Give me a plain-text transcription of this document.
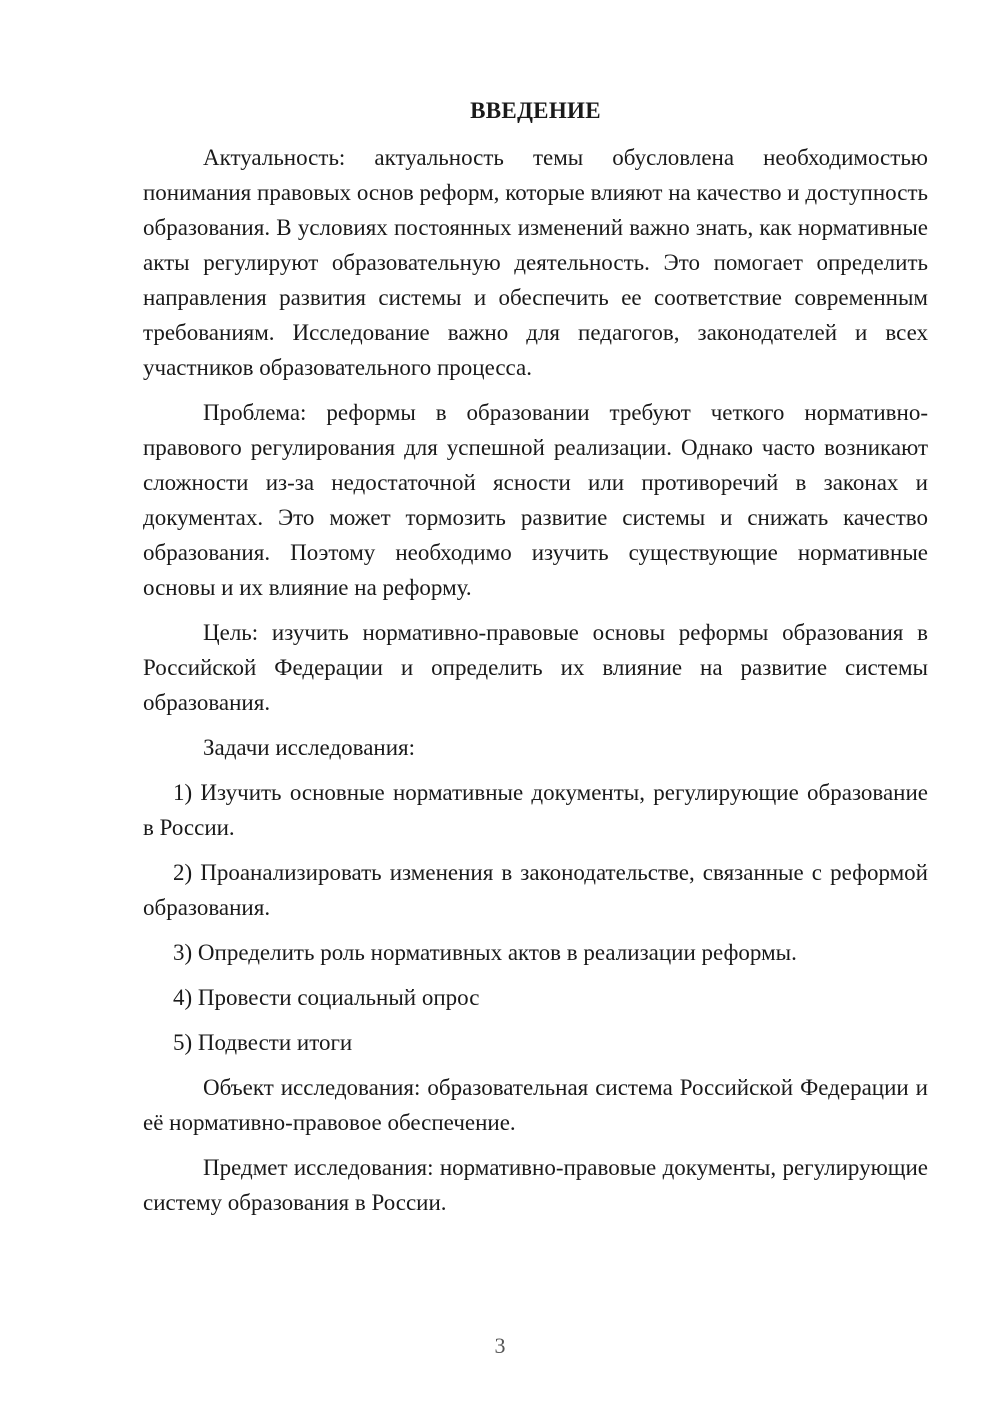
ВВЕДЕНИЕ

Актуальность: актуальность темы обусловлена необходимостью понимания правовых основ реформ, которые влияют на качество и доступность образования. В условиях постоянных изменений важно знать, как нормативные акты регулируют образовательную деятельность. Это помогает определить направления развития системы и обеспечить ее соответствие современным требованиям. Исследование важно для педагогов, законодателей и всех участников образовательного процесса.

Проблема: реформы в образовании требуют четкого нормативно-правового регулирования для успешной реализации. Однако часто возникают сложности из-за недостаточной ясности или противоречий в законах и документах. Это может тормозить развитие системы и снижать качество образования. Поэтому необходимо изучить существующие нормативные основы и их влияние на реформу.

Цель: изучить нормативно-правовые основы реформы образования в Российской Федерации и определить их влияние на развитие системы образования.

Задачи исследования:

1) Изучить основные нормативные документы, регулирующие образование в России.

2) Проанализировать изменения в законодательстве, связанные с реформой образования.

3) Определить роль нормативных актов в реализации реформы.

4) Провести социальный опрос

5) Подвести итоги

Объект исследования: образовательная система Российской Федерации и её нормативно-правовое обеспечение.

Предмет исследования: нормативно-правовые документы, регулирующие систему образования в России.

3
